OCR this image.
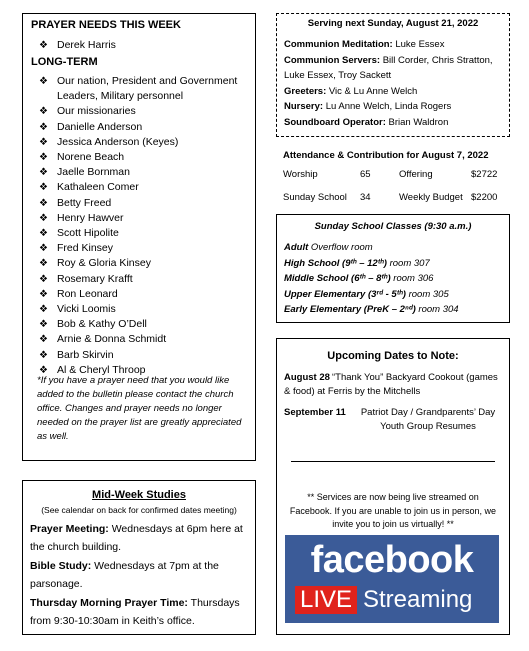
PRAYER NEEDS THIS WEEK
❖ Derek Harris
LONG-TERM
❖ Our nation, President and Government Leaders, Military personnel
❖ Our missionaries
❖ Danielle Anderson
❖ Jessica Anderson (Keyes)
❖ Norene Beach
❖ Jaelle Bornman
❖ Kathaleen Comer
❖ Betty Freed
❖ Henry Hawver
❖ Scott Hipolite
❖ Fred Kinsey
❖ Roy & Gloria Kinsey
❖ Rosemary Krafft
❖ Ron Leonard
❖ Vicki Loomis
❖ Bob & Kathy O’Dell
❖ Arnie & Donna Schmidt
❖ Barb Skirvin
❖ Al & Cheryl Throop
*If you have a prayer need that you would like added to the bulletin please contact the church office. Changes and prayer needs no longer needed on the prayer list are greatly appreciated as well.
Mid-Week Studies
(See calendar on back for confirmed dates meeting)
Prayer Meeting: Wednesdays at 6pm here at the church building.
Bible Study: Wednesdays at 7pm at the parsonage.
Thursday Morning Prayer Time: Thursdays from 9:30-10:30am in Keith’s office.
Serving next Sunday, August 21, 2022
Communion Meditation: Luke Essex
Communion Servers: Bill Corder, Chris Stratton, Luke Essex, Troy Sackett
Greeters: Vic & Lu Anne Welch
Nursery: Lu Anne Welch, Linda Rogers
Soundboard Operator: Brian Waldron
Attendance & Contribution for August 7, 2022
Worship	65	Offering	$2722

Sunday School	34	Weekly Budget	$2200
Sunday School Classes (9:30 a.m.)
Adult Overflow room
High School (9ᵗʰ – 12ᵗʰ) room 307
Middle School (6ᵗʰ – 8ᵗʰ) room 306
Upper Elementary (3ʳᵈ - 5ᵗʰ) room 305
Early Elementary (PreK – 2ⁿᵈ) room 304
Upcoming Dates to Note:
August 28 “Thank You” Backyard Cookout (games & food) at Ferris by the Mitchells
September 11 Patriot Day / Grandparents’ Day Youth Group Resumes
** Services are now being live streamed on Facebook. If you are unable to join us in person, we invite you to join us virtually! **
facebook
LIVE Streaming
